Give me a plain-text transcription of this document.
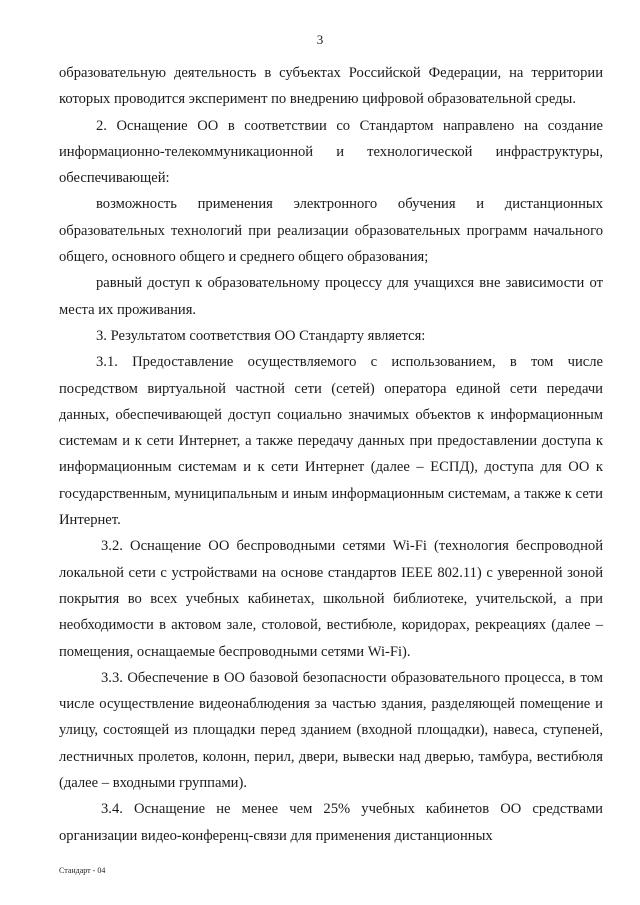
3

образовательную деятельность в субъектах Российской Федерации, на территории которых проводится эксперимент по внедрению цифровой образовательной среды.

2. Оснащение ОО в соответствии со Стандартом направлено на создание информационно-телекоммуникационной и технологической инфраструктуры, обеспечивающей:

возможность применения электронного обучения и дистанционных образовательных технологий при реализации образовательных программ начального общего, основного общего и среднего общего образования;

равный доступ к образовательному процессу для учащихся вне зависимости от места их проживания.

3. Результатом соответствия ОО Стандарту является:

3.1. Предоставление осуществляемого с использованием, в том числе посредством виртуальной частной сети (сетей) оператора единой сети передачи данных, обеспечивающей доступ социально значимых объектов к информационным системам и к сети Интернет, а также передачу данных при предоставлении доступа к информационным системам и к сети Интернет (далее – ЕСПД), доступа для ОО к государственным, муниципальным и иным информационным системам, а также к сети Интернет.

3.2. Оснащение ОО беспроводными сетями Wi-Fi (технология беспроводной локальной сети с устройствами на основе стандартов IEEE 802.11) с уверенной зоной покрытия во всех учебных кабинетах, школьной библиотеке, учительской, а при необходимости в актовом зале, столовой, вестибюле, коридорах, рекреациях (далее – помещения, оснащаемые беспроводными сетями Wi-Fi).

3.3. Обеспечение в ОО базовой безопасности образовательного процесса, в том числе осуществление видеонаблюдения за частью здания, разделяющей помещение и улицу, состоящей из площадки перед зданием (входной площадки), навеса, ступеней, лестничных пролетов, колонн, перил, двери, вывески над дверью, тамбура, вестибюля (далее – входными группами).

3.4. Оснащение не менее чем 25% учебных кабинетов ОО средствами организации видео-конференц-связи для применения дистанционных

Стандарт - 04
